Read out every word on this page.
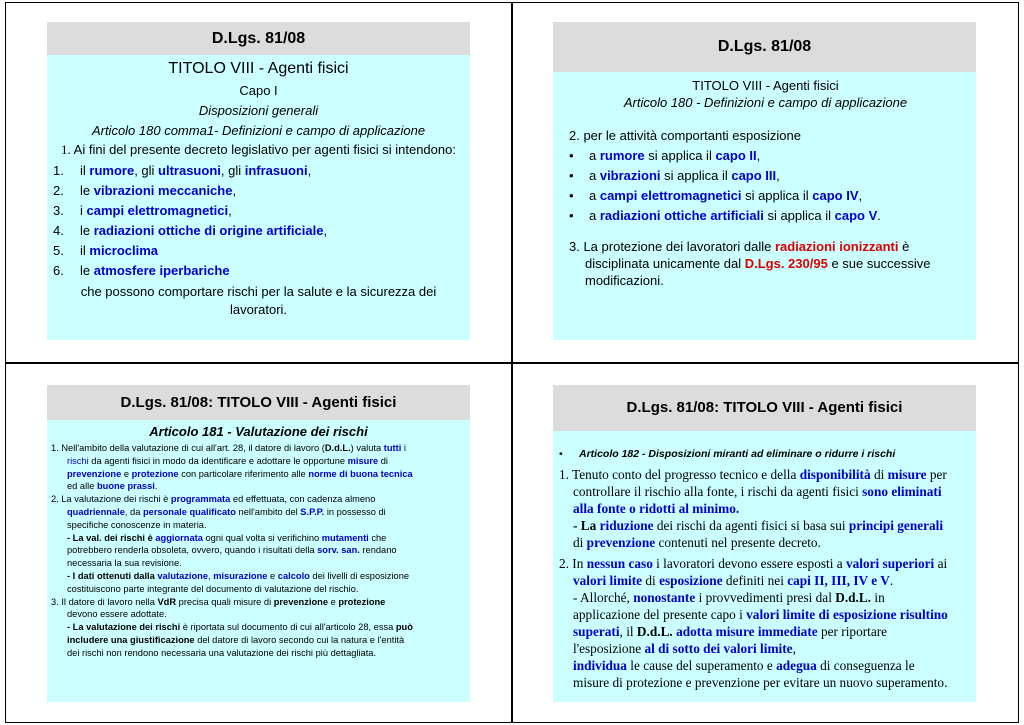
D.Lgs. 81/08

TITOLO VIII - Agenti fisici

Capo I

Disposizioni generali

Articolo 180 comma1- Definizioni e campo di applicazione

1. Ai fini del presente decreto legislativo per agenti fisici si intendono:

1. il rumore, gli ultrasuoni, gli infrasuoni,
2. le vibrazioni meccaniche,
3. i campi elettromagnetici,
4. le radiazioni ottiche di origine artificiale,
5. il microclima
6. le atmosfere iperbariche

che possono comportare rischi per la salute e la sicurezza dei lavoratori.

D.Lgs. 81/08

TITOLO VIII - Agenti fisici

Articolo 180 - Definizioni e campo di applicazione

2. per le attività comportanti esposizione

• a rumore si applica il capo II,
• a vibrazioni si applica il capo III,
• a campi elettromagnetici si applica il capo IV,
• a radiazioni ottiche artificiali si applica il capo V.

3. La protezione dei lavoratori dalle radiazioni ionizzanti è disciplinata unicamente dal D.Lgs. 230/95 e sue successive modificazioni.

D.Lgs. 81/08: TITOLO VIII - Agenti fisici

Articolo 181 - Valutazione dei rischi

1. Nell'ambito della valutazione di cui all'art. 28, il datore di lavoro (D.d.L.) valuta tutti i

rischi da agenti fisici in modo da identificare e adottare le opportune misure di

prevenzione e protezione con particolare riferimento alle norme di buona tecnica

ed alle buone prassi.

2. La valutazione dei rischi è programmata ed effettuata, con cadenza almeno

quadriennale, da personale qualificato nell'ambito del S.P.P. in possesso di

specifiche conoscenze in materia.

- La val. dei rischi è aggiornata ogni qual volta si verifichino mutamenti che

potrebbero renderla obsoleta, ovvero, quando i risultati della sorv. san. rendano

necessaria la sua revisione.

- I dati ottenuti dalla valutazione, misurazione e calcolo dei livelli di esposizione

costituiscono parte integrante del documento di valutazione del rischio.

3. Il datore di lavoro nella VdR precisa quali misure di prevenzione e protezione

devono essere adottate.

- La valutazione dei rischi è riportata sul documento di cui all'articolo 28, essa può

includere una giustificazione del datore di lavoro secondo cui la natura e l'entità

dei rischi non rendono necessaria una valutazione dei rischi più dettagliata.

D.Lgs. 81/08: TITOLO VIII - Agenti fisici
• Articolo 182 - Disposizioni miranti ad eliminare o ridurre i rischi

1. Tenuto conto del progresso tecnico e della disponibilità di misure per

controllare il rischio alla fonte, i rischi da agenti fisici sono eliminati

alla fonte o ridotti al minimo.

- La riduzione dei rischi da agenti fisici si basa sui principi generali

di prevenzione contenuti nel presente decreto.

2. In nessun caso i lavoratori devono essere esposti a valori superiori ai

valori limite di esposizione definiti nei capi II, III, IV e V.

- Allorché, nonostante i provvedimenti presi dal D.d.L. in

applicazione del presente capo i valori limite di esposizione risultino

superati, il D.d.L. adotta misure immediate per riportare

l'esposizione al di sotto dei valori limite,

individua le cause del superamento e adegua di conseguenza le

misure di protezione e prevenzione per evitare un nuovo superamento.
